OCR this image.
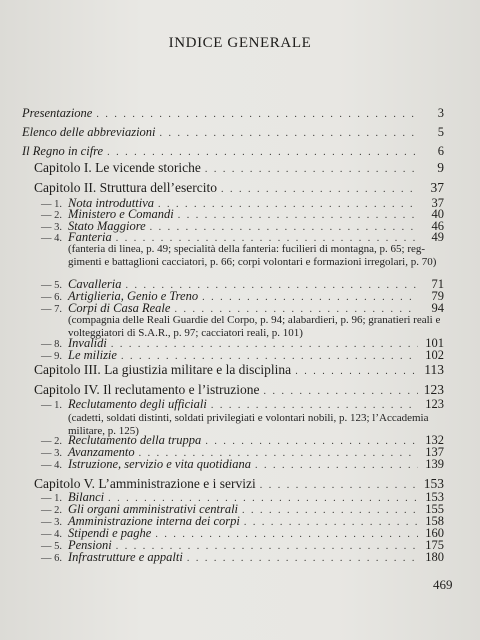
INDICE GENERALE
Presentazione . . .	3
Elenco delle abbreviazioni . . .	5
Il Regno in cifre . . .	6
Capitolo I. Le vicende storiche . . .	9
Capitolo II. Struttura dell’esercito . . .	37
— 1. Nota introduttiva . . .	37
— 2. Ministero e Comandi . . .	40
— 3. Stato Maggiore . . .	46
— 4. Fanteria . . .	49
(fanteria di linea, p. 49; specialità della fanteria: fucilieri di montagna, p. 65; reggimenti e battaglioni cacciatori, p. 66; corpi volontari e formazioni irregolari, p. 70)
— 5. Cavalleria . . .	71
— 6. Artiglieria, Genio e Treno . . .	79
— 7. Corpi di Casa Reale . . .	94
(compagnia delle Reali Guardie del Corpo, p. 94; alabardieri, p. 96; granatieri reali e volteggiatori di S.A.R., p. 97; cacciatori reali, p. 101)
— 8. Invalidi . . .	101
— 9. Le milizie . . .	102
Capitolo III. La giustizia militare e la disciplina . . .	113
Capitolo IV. Il reclutamento e l’istruzione . . .	123
— 1. Reclutamento degli ufficiali . . .	123
(cadetti, soldati distinti, soldati privilegiati e volontari nobili, p. 123; l’Accademia militare, p. 125)
— 2. Reclutamento della truppa . . .	132
— 3. Avanzamento . . .	137
— 4. Istruzione, servizio e vita quotidiana . . .	139
Capitolo V. L’amministrazione e i servizi . . .	153
— 1. Bilanci . . .	153
— 2. Gli organi amministrativi centrali . . .	155
— 3. Amministrazione interna dei corpi . . .	158
— 4. Stipendi e paghe . . .	160
— 5. Pensioni . . .	175
— 6. Infrastrutture e appalti . . .	180
469
